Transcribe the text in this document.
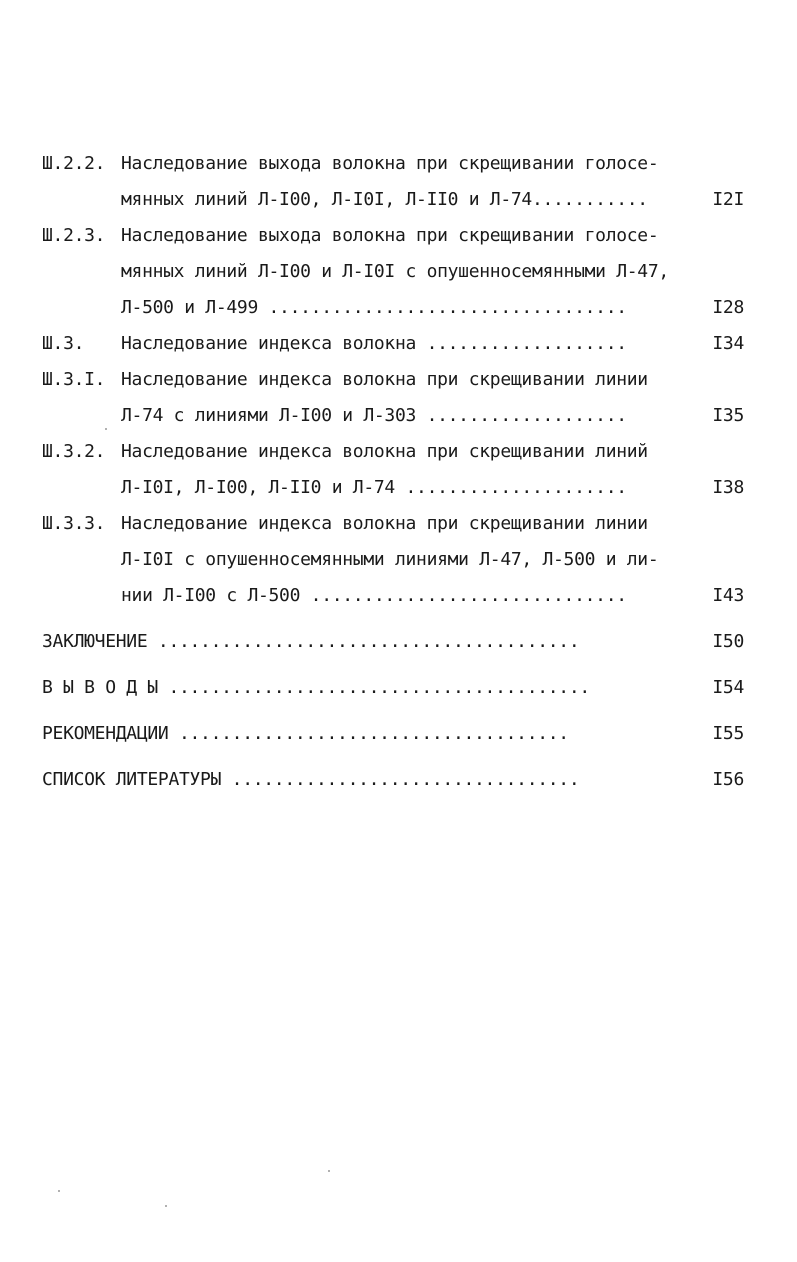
Ш.2.2. Наследование выхода волокна при скрещивании голосе-
мянных линий Л-I00, Л-I0I, Л-II0 и Л-74...........	I2I
Ш.2.3. Наследование выхода волокна при скрещивании голосе-
мянных линий Л-I00 и Л-I0I с опушенносемянными Л-47,
Л-500 и Л-499 ..................................	I28
Ш.3. Наследование индекса волокна ...................	I34
Ш.3.I. Наследование индекса волокна при скрещивании линии
Л-74 с линиями Л-I00 и Л-303 ...................	I35
Ш.3.2. Наследование индекса волокна при скрещивании линий
Л-I0I, Л-I00, Л-II0 и Л-74 .....................	I38
Ш.3.3. Наследование индекса волокна при скрещивании линии
Л-I0I с опушенносемянными линиями Л-47, Л-500 и ли-
нии Л-I00 с Л-500 ..............................	I43
ЗАКЛЮЧЕНИЕ ........................................	I50
В Ы В О Д Ы ........................................	I54
РЕКОМЕНДАЦИИ .....................................	I55
СПИСОК ЛИТЕРАТУРЫ .................................	I56
